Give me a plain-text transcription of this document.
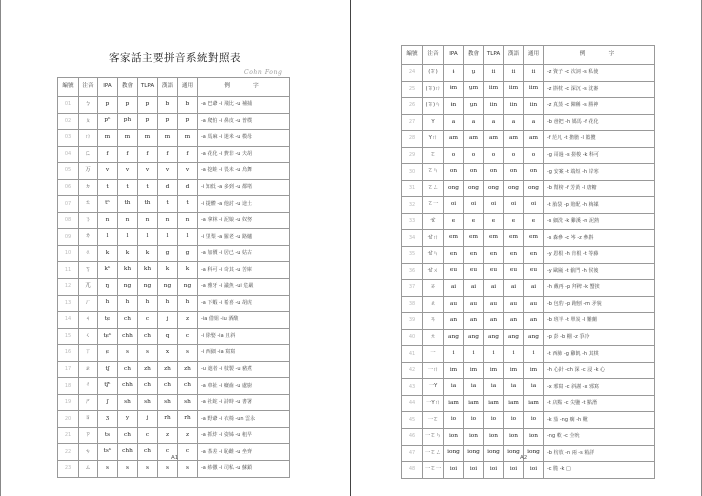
客家話主要拼音系統對照表
Cohn Fong
編號	注音	IPA	教會	TLPA	漢語	通用	例　　字
01	ㄅ	p	p	p	b	b	-a 巴爺 -i 飛比 -u 補捕
02	ㄆ	pʰ	ph	p	p	p	-a 爬怕 -i 鼻皮 -u 普樸
03	ㄇ	m	m	m	m	m	-a 馬麻 -i 迷米 -u 模母
04	ㄈ	f	f	f	f	f	-a 花化 -i 費非 -u 夫胡
05	万	v	v	v	v	v	-a 挖蛙 -i 畏未 -u 烏舞
06	ㄉ	t	t	t	d	d	-i 知低 -a 多到 -u 都堵
07	ㄊ	tʰ	th	th	t	t	-i 提體 -a 他討 -u 途土
08	ㄋ	n	n	n	n	n	-a 拿林 -i 泥娘 -u 奴努
09	ㄌ	l	l	l	l	l	-i 里梨 -a 羅老 -u 路爐
10	ㄍ	k	k	k	g	g	-a 加價 -i 居已 -u 姑古
11	ㄎ	kʰ	kh	kh	k	k	-a 科可 -i 奇其 -u 苦庫
12	ㄫ	ŋ	ng	ng	ng	ng	-a 雅牙 -i 議魚 -ui 危嚴
13	ㄏ	h	h	h	h	h	-a 下蝦 -i 希喜 -u 胡虎
14	ㄐ	tɕ	ch	c	j	z	-ia 借姐 -iu 酒酸
15	ㄑ	tɕʰ	chh	ch	q	c	-i 徐娶 -ia 且斜
16	ㄒ	ɕ	s	s	x	s	-i 西細 -ia 寫寫
17	ㄓ	tʃ	ch	zh	zh	zh	-u 遮者 -i 枝製 -u 豬煮
18	ㄔ	tʃʰ	chh	ch	ch	ch	-a 車扯 -i 癡齒 -u 處廚
19	ㄕ	ʃ	sh	sh	sh	sh	-a 社蛇 -i 詩時 -u 書署
20	ㄖ	ʒ	y	j	rh	rh	-a 野爺 -i 衣椅 -un 雲永
21	ㄗ	ts	ch	c	z	z	-a 抓炸 -i 姿姊 -u 租早
22	ㄘ	tsʰ	chh	ch	c	c	-a 茶差 -i 恥雌 -u 坐齊
23	ㄙ	s	s	s	s	s	-a 紗撒 -i 司私 -u 蘇鎖
A1
編號	注音	IPA	教會	TLPA	漢語	通用	例　　字
24	(ㄭ)	ɨ	ṳ	ii	ii	ii	-z 資子 -c 次詞 -s 私使
25	(ㄭ)ㄇ	ɨm	ṳm	iim	iim	iim	-z 斟枕 -c 深沉 -s 沈審
26	(ㄭ)ㄣ	ɨn	ṳn	iin	iin	iin	-z 真蒸 -c 陳稱 -s 勝神
27	Y	a	a	a	a	a	-b 爸把 -h 媽馬 -f 花化
28	Yㄇ	am	am	am	am	am	-f 范凡 -t 擔膽 -l 籃攬
29	ㄛ	o	o	o	o	o	-g 哥過 -s 搓梭 -k 科可
30	ㄛㄣ	on	on	on	on	on	-g 安案 -t 端短 -h 岸寒
31	ㄛㄥ	ong	ong	ong	ong	ong	-b 幫榜 -f 芳黃 -l 唐糖
32	ㄛ一	oi	oi	oi	oi	oi	-t 胎袋 -p 賠配 -h 梅媒
33	せ	e	e	e	e	e	-s 細洗 -k 雞溪 -n 泥熱
34	せㄇ	em	em	em	em	em	-s 森參 -c 岑 -z 參斟
35	せㄣ	en	en	en	en	en	-y 恩根 -h 肯根 -t 等藤
36	せㄨ	eu	eu	eu	eu	eu	-y 歐甌 -t 偷門 -h 侯後
37	ㄞ	ai	ai	ai	ai	ai	-h 戴再 -p 拜稗 -k 蟹挨
38	ㄠ	au	au	au	au	au	-b 包豹 -p 跑刨 -m 矛貌
39	ㄢ	an	an	an	an	an	-b 班半 -t 單炭 -l 難蘭
40	ㄤ	ang	ang	ang	ang	ang	-p 彭 -b 棚 -z 爭冷
41	一	i	i	i	i	i	-t 西肺 -g 雞飢 -h 其棋
42	一ㄇ	im	im	im	im	im	-h 心針 -ch 深 -c 浸 -k 心
43	一Y	ia	ia	ia	ia	ia	-x 邪寫 -c 斜謝 -x 邪寫
44	一Yㄇ	iam	iam	iam	iam	iam	-t 店點 -c 尖鹽 -t 點潛
45	一ㄛ	io	io	io	io	io	-k 茄 -ng 瘸 -h 靴
46	一ㄛㄣ	ion	ion	ion	ion	ion	-ng 軟 -c 全吮
47	一ㄛㄥ	iong	iong	iong	iong	iong	-b 枋放 -n 兩 -s 箱詳
48	一ㄛ一	ioi	ioi	ioi	ioi	ioi	-c 脆 -k □
A2
